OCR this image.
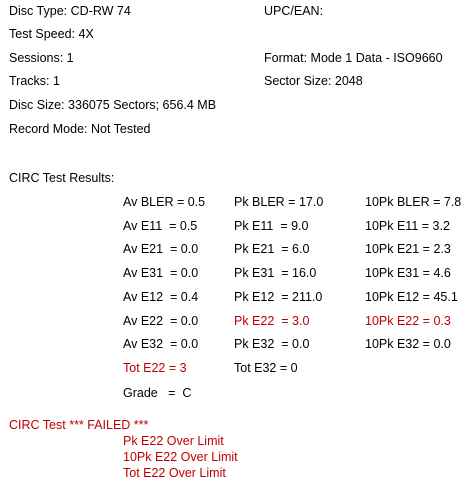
Disc Type: CD-RW 74
Test Speed: 4X
Sessions: 1
Tracks: 1
Disc Size: 336075 Sectors; 656.4 MB
Record Mode: Not Tested
UPC/EAN:
Format: Mode 1 Data - ISO9660
Sector Size: 2048
CIRC Test Results:
Av BLER = 0.5 Pk BLER = 17.0	10Pk BLER = 7.8
Av E11  = 0.5	Pk E11  = 9.0	10Pk E11 = 3.2
Av E21  = 0.0	Pk E21  = 6.0	10Pk E21 = 2.3
Av E31  = 0.0	Pk E31  = 16.0	10Pk E31 = 4.6
Av E12  = 0.4	Pk E12  = 211.0	10Pk E12 = 45.1
Av E22  = 0.0	Pk E22  = 3.0	10Pk E22 = 0.3
Av E32  = 0.0	Pk E32  = 0.0	10Pk E32 = 0.0
Tot E22 = 3	Tot E32 = 0
Grade   =  C
CIRC Test *** FAILED ***
Pk E22 Over Limit
10Pk E22 Over Limit
Tot E22 Over Limit
